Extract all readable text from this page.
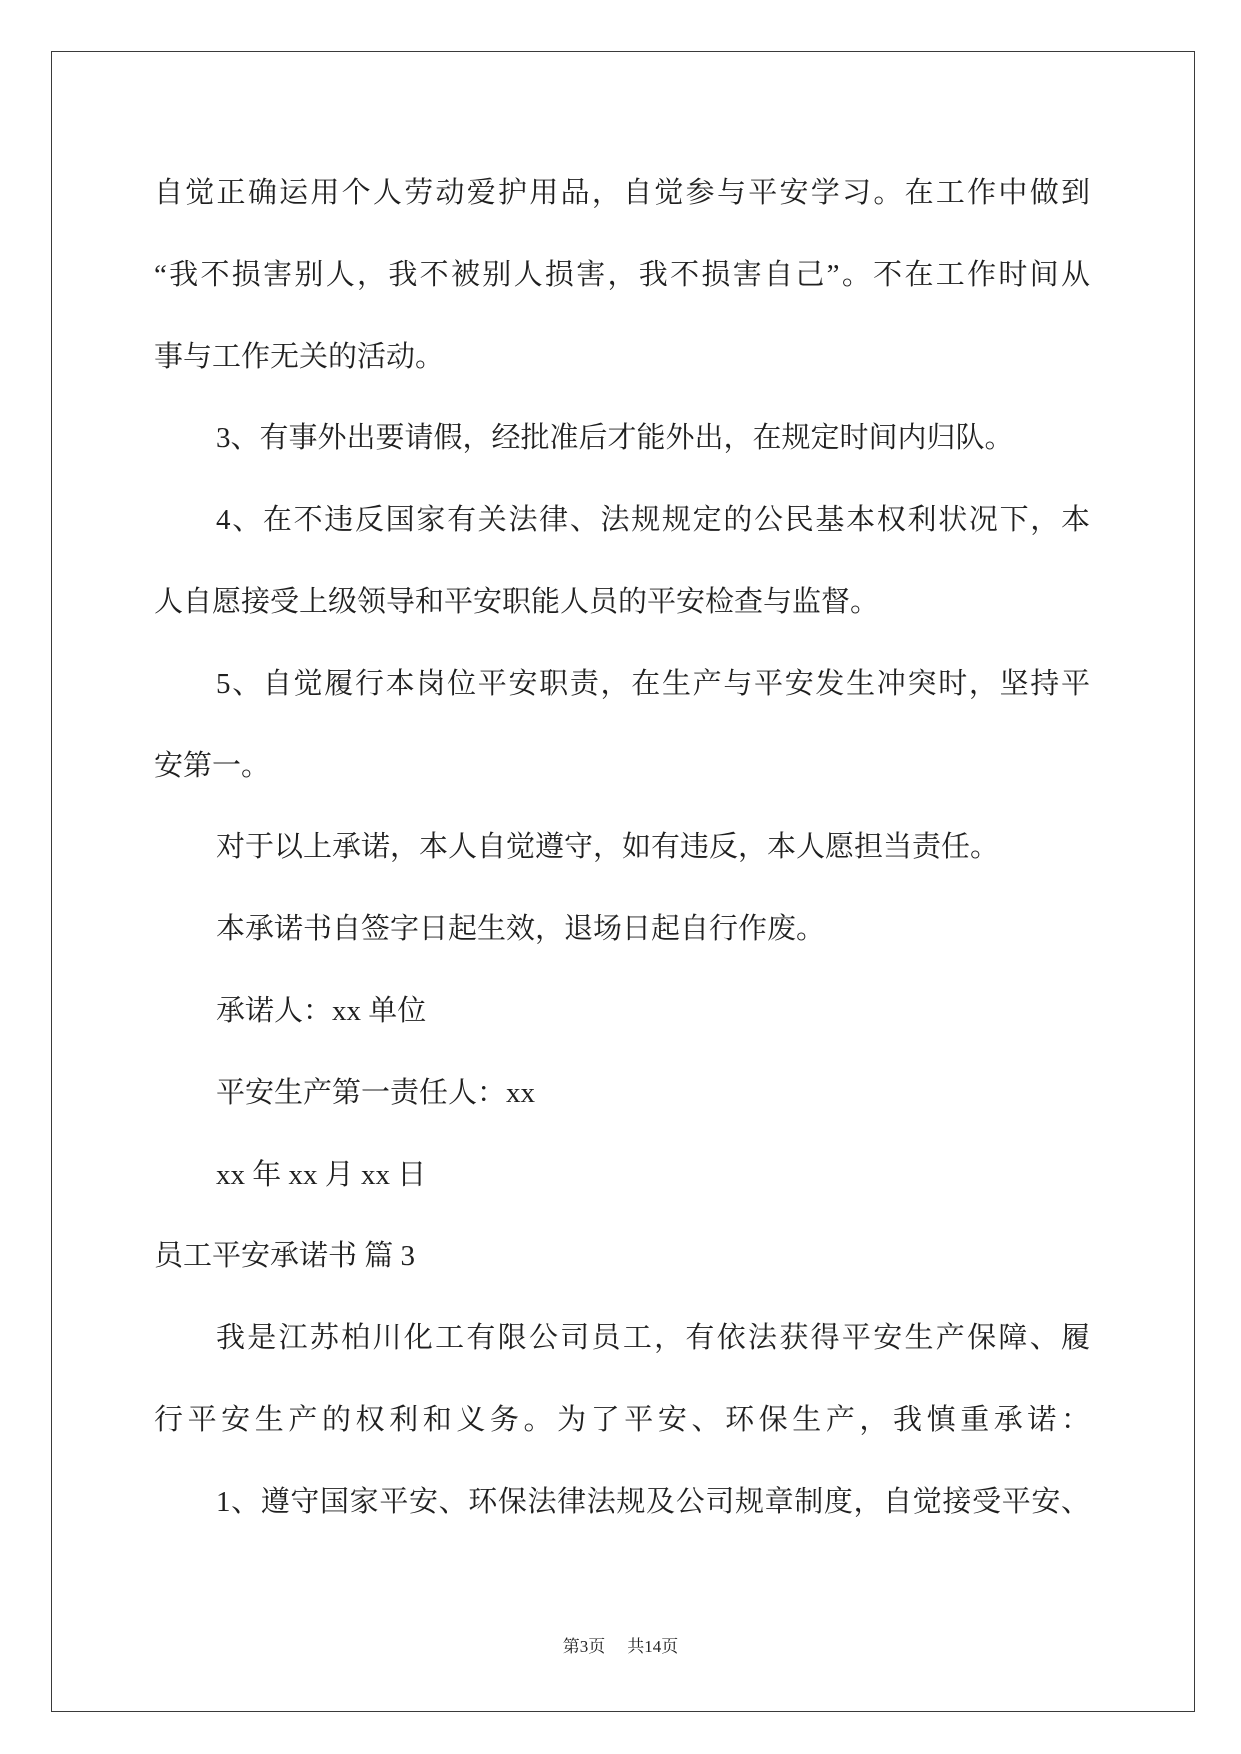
自觉正确运用个人劳动爱护用品，自觉参与平安学习。在工作中做到
“我不损害别人，我不被别人损害，我不损害自己”。不在工作时间从
事与工作无关的活动。
3、有事外出要请假，经批准后才能外出，在规定时间内归队。
4、在不违反国家有关法律、法规规定的公民基本权利状况下，本
人自愿接受上级领导和平安职能人员的平安检查与监督。
5、自觉履行本岗位平安职责，在生产与平安发生冲突时，坚持平
安第一。
对于以上承诺，本人自觉遵守，如有违反，本人愿担当责任。
本承诺书自签字日起生效，退场日起自行作废。
承诺人：xx 单位
平安生产第一责任人：xx
xx 年 xx 月 xx 日
员工平安承诺书 篇 3
我是江苏柏川化工有限公司员工，有依法获得平安生产保障、履
行平安生产的权利和义务。为了平安、环保生产，我慎重承诺：
1、遵守国家平安、环保法律法规及公司规章制度，自觉接受平安、
第3页 共14页
